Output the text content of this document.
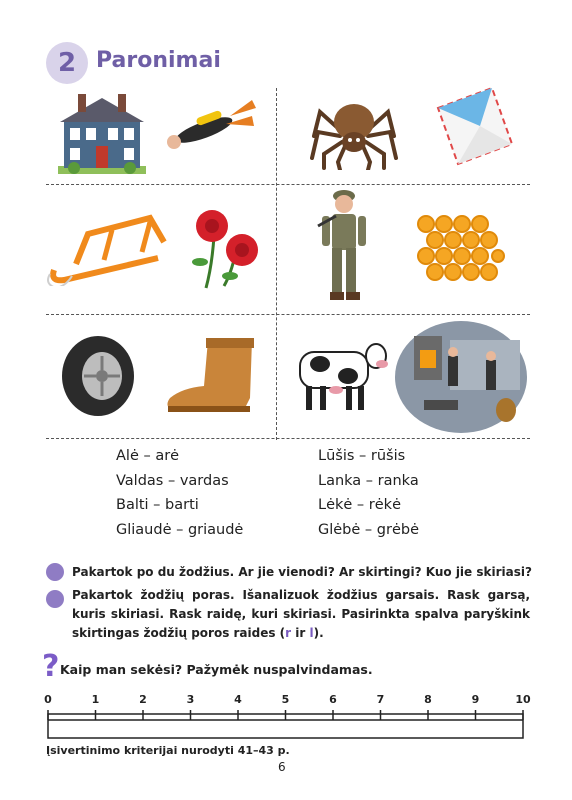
2 Paronimai
Alė – arė
Valdas – vardas
Balti – barti
Gliaudė – griaudė
Lūšis – rūšis
Lanka – ranka
Lėkė – rėkė
Glėbė – grėbė
Pakartok po du žodžius. Ar jie vienodi? Ar skirtingi? Kuo jie skiriasi?
Pakartok žodžių poras. Išanalizuok žodžius garsais. Rask garsą, kuris skiriasi. Rask raidę, kuri skiriasi. Pasirinkta spalva paryškink skirtingas žodžių poros raides (r ir l).
? Kaip man sekėsi? Pažymėk nuspalvindamas.
0	1	2	3	4	5	6	7	8	9	10
Įsivertinimo kriterijai nurodyti 41–43 p.
6
